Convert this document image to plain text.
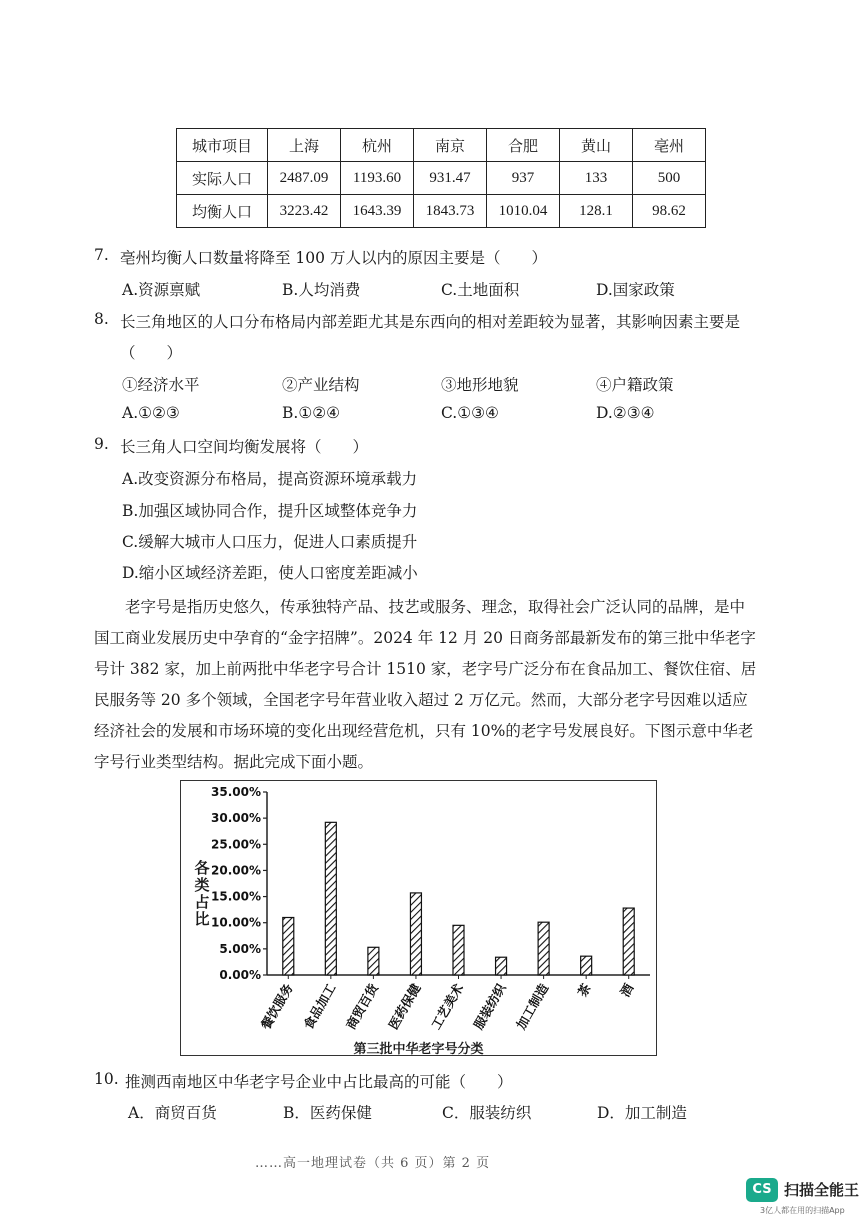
城市项目	上海	杭州	南京	合肥	黄山	亳州
实际人口	2487.09	1193.60	931.47	937	133	500
均衡人口	3223.42	1643.39	1843.73	1010.04	128.1	98.62
7. 亳州均衡人口数量将降至 100 万人以内的原因主要是（　　）
A.资源禀赋	B.人均消费	C.土地面积	D.国家政策
8. 长三角地区的人口分布格局内部差距尤其是东西向的相对差距较为显著，其影响因素主要是
（　　）
①经济水平	②产业结构	③地形地貌	④户籍政策
A.①②③	B.①②④	C.①③④	D.②③④
9. 长三角人口空间均衡发展将（　　）
A.改变资源分布格局，提高资源环境承载力
B.加强区域协同合作，提升区域整体竞争力
C.缓解大城市人口压力，促进人口素质提升
D.缩小区域经济差距，使人口密度差距减小
　　老字号是指历史悠久，传承独特产品、技艺或服务、理念，取得社会广泛认同的品牌，是中
国工商业发展历史中孕育的“金字招牌”。2024 年 12 月 20 日商务部最新发布的第三批中华老字
号计 382 家，加上前两批中华老字号合计 1510 家，老字号广泛分布在食品加工、餐饮住宿、居
民服务等 20 多个领域，全国老字号年营业收入超过 2 万亿元。然而，大部分老字号因难以适应
经济社会的发展和市场环境的变化出现经营危机，只有 10%的老字号发展良好。下图示意中华老
字号行业类型结构。据此完成下面小题。
0.00%
5.00%
10.00%
15.00%
20.00%
25.00%
30.00%
35.00%
餐饮服务 食品加工 商贸百货 医药保健 工艺美术 服装纺织 加工制造 茶 酒
各类占比
第三批中华老字号分类
10. 推测西南地区中华老字号企业中占比最高的可能（　　）
A．商贸百货	B．医药保健	C．服装纺织	D．加工制造
……高一地理试卷（共 6 页）第 2 页
CS 扫描全能王
3亿人都在用的扫描App
